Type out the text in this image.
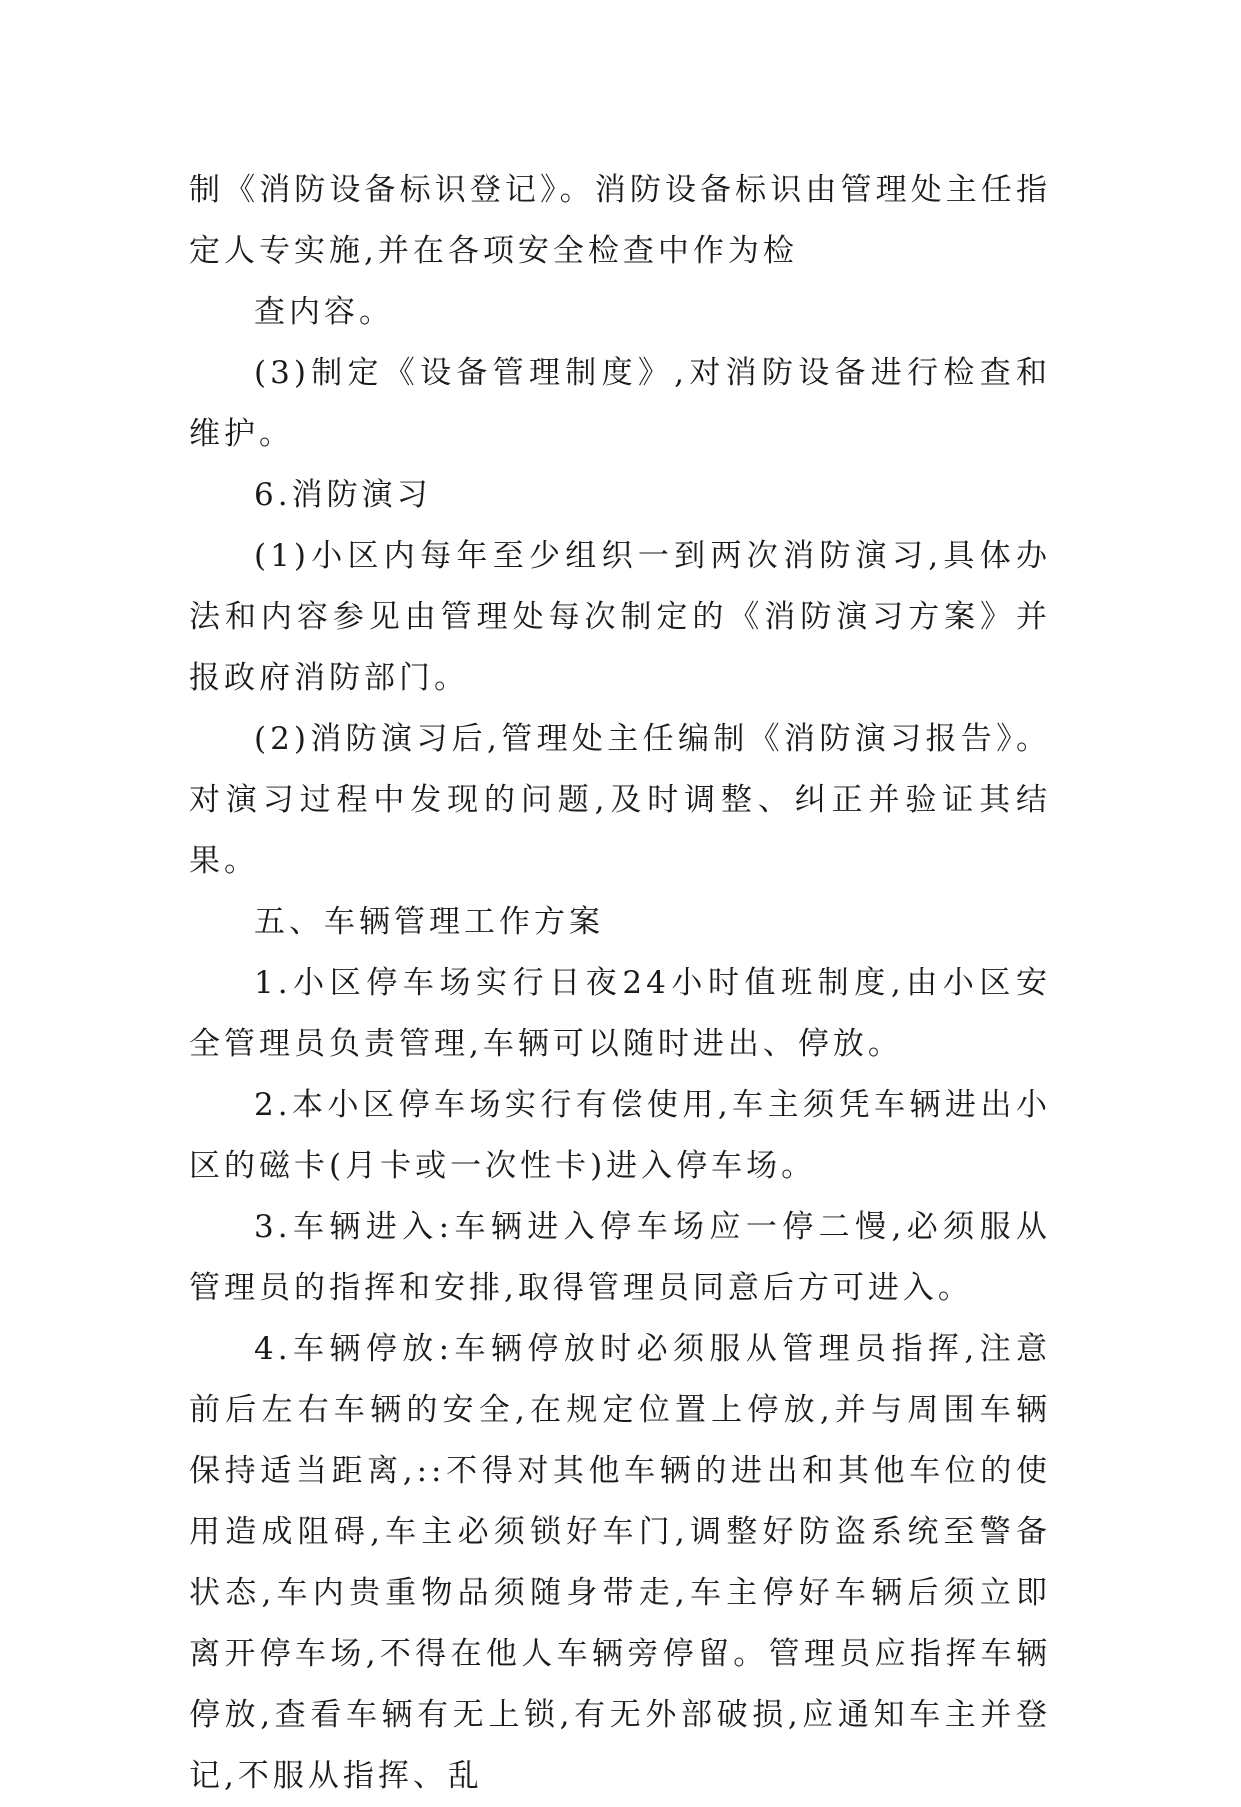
制《消防设备标识登记》。消防设备标识由管理处主任指定人专实施,并在各项安全检查中作为检

查内容。

(3)制定《设备管理制度》,对消防设备进行检查和维护。

6.消防演习

(1)小区内每年至少组织一到两次消防演习,具体办法和内容参见由管理处每次制定的《消防演习方案》并报政府消防部门。

(2)消防演习后,管理处主任编制《消防演习报告》。对演习过程中发现的问题,及时调整、纠正并验证其结果。

五、车辆管理工作方案

1.小区停车场实行日夜24小时值班制度,由小区安全管理员负责管理,车辆可以随时进出、停放。

2.本小区停车场实行有偿使用,车主须凭车辆进出小区的磁卡(月卡或一次性卡)进入停车场。

3.车辆进入:车辆进入停车场应一停二慢,必须服从管理员的指挥和安排,取得管理员同意后方可进入。

4.车辆停放:车辆停放时必须服从管理员指挥,注意前后左右车辆的安全,在规定位置上停放,并与周围车辆保持适当距离,::不得对其他车辆的进出和其他车位的使用造成阻碍,车主必须锁好车门,调整好防盗系统至警备状态,车内贵重物品须随身带走,车主停好车辆后须立即离开停车场,不得在他人车辆旁停留。管理员应指挥车辆停放,查看车辆有无上锁,有无外部破损,应通知车主并登记,不服从指挥、乱
